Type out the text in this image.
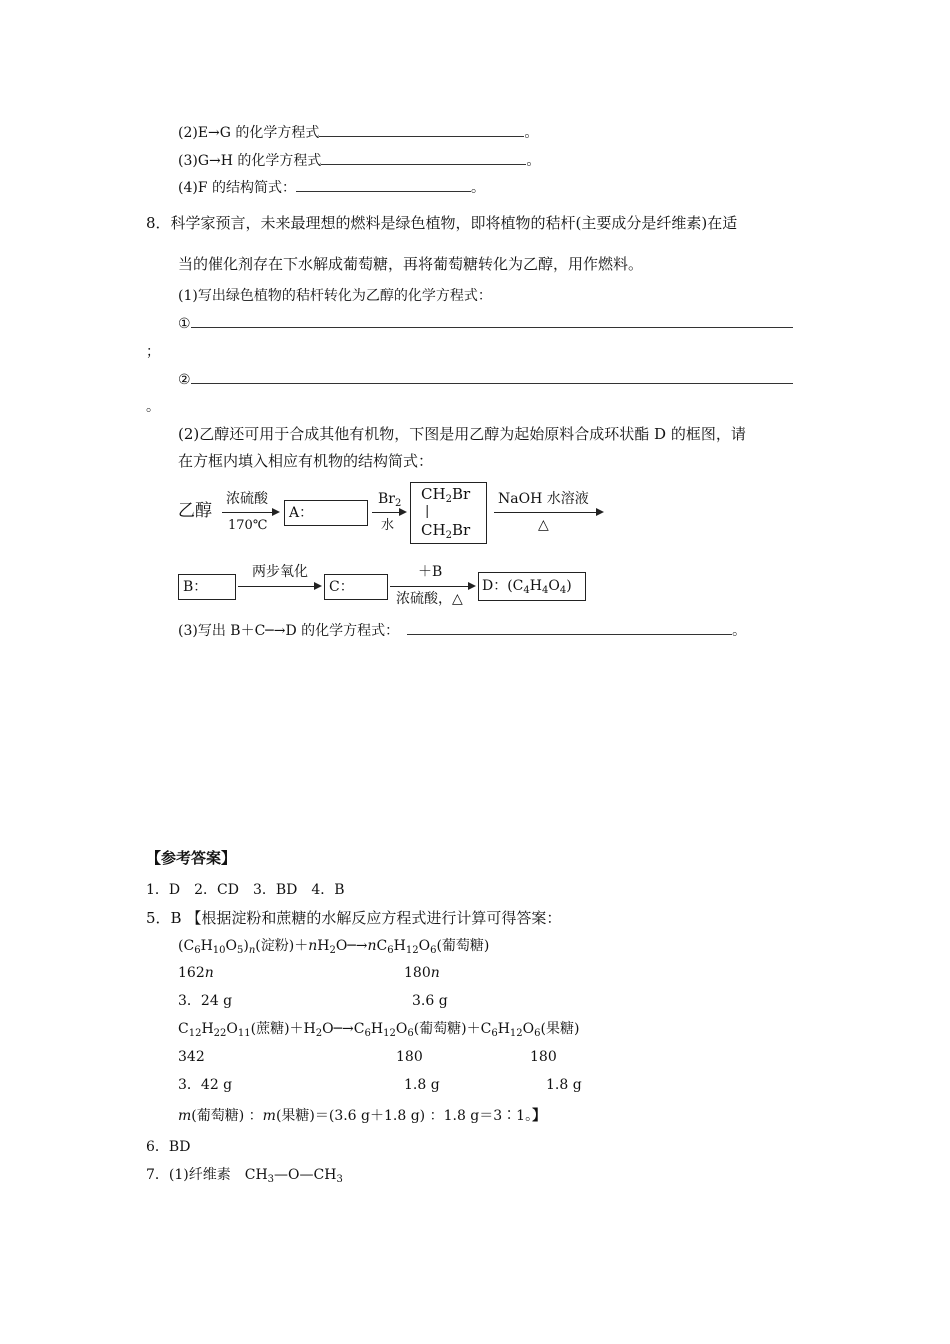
(2)E→G 的化学方程式	。
(3)G→H 的化学方程式	。
(4)F 的结构简式：	。
8．科学家预言，未来最理想的燃料是绿色植物，即将植物的秸杆(主要成分是纤维素)在适
当的催化剂存在下水解成葡萄糖，再将葡萄糖转化为乙醇，用作燃料。
(1)写出绿色植物的秸杆转化为乙醇的化学方程式：
①
；
②
。
(2)乙醇还可用于合成其他有机物，下图是用乙醇为起始原料合成环状酯 D 的框图，请
在方框内填入相应有机物的结构简式：
乙醇
浓硫酸
170℃
A：
$Br_2$
水
$CH_2Br$
|
$CH_2Br$
NaOH 水溶液
△
B：
两步氧化
C：
＋B
浓硫酸，△
D：$(C_4H_4O_4)$
(3)写出 B＋C─→D 的化学方程式：	。
【参考答案】
1．D　2．CD　3．BD　4．B
5．B 【根据淀粉和蔗糖的水解反应方程式进行计算可得答案：
$(C_6H_{10}O_5)_n$(淀粉)$+nH_2O─\to nC_6H_{12}O_6$(葡萄糖)
162n	180n
3．24 g	3.6 g
$C_{12}H_{22}O_{11}$(蔗糖)$+H_2O─\to C_6H_{12}O_6$(葡萄糖)$+C_6H_{12}O_6$(果糖)
342	180	180
3．42 g	1.8 g	1.8 g
m(葡萄糖) ：m(果糖)＝(3.6 g＋1.8 g) ：1.8 g＝3∶1。】
6．BD
7．(1)纤维素　$CH_3—O—CH_3$
